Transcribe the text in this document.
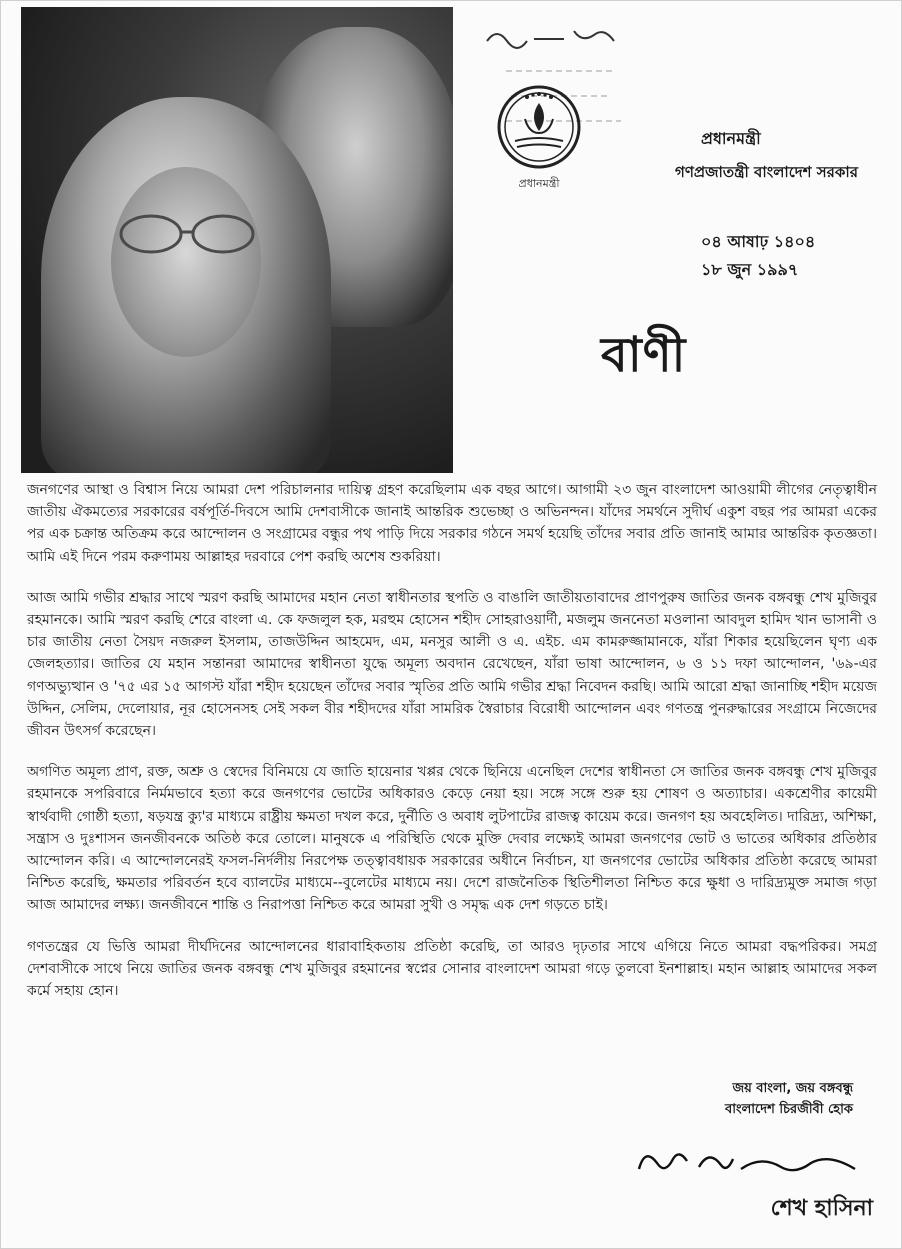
প্রধানমন্ত্রী
প্রধানমন্ত্রী
গণপ্রজাতন্ত্রী বাংলাদেশ সরকার
০৪ আষাঢ় ১৪০৪
১৮ জুন ১৯৯৭
বাণী

জনগণের আস্থা ও বিশ্বাস নিয়ে আমরা দেশ পরিচালনার দায়িত্ব গ্রহণ করেছিলাম এক বছর আগে। আগামী ২৩ জুন বাংলাদেশ আওয়ামী লীগের নেতৃত্বাধীন জাতীয় ঐকমত্যের সরকারের বর্ষপূর্তি-দিবসে আমি দেশবাসীকে জানাই আন্তরিক শুভেচ্ছা ও অভিনন্দন। যাঁদের সমর্থনে সুদীর্ঘ একুশ বছর পর আমরা একের পর এক চক্রান্ত অতিক্রম করে আন্দোলন ও সংগ্রামের বন্ধুর পথ পাড়ি দিয়ে সরকার গঠনে সমর্থ হয়েছি তাঁদের সবার প্রতি জানাই আমার আন্তরিক কৃতজ্ঞতা। আমি এই দিনে পরম করুণাময় আল্লাহর দরবারে পেশ করছি অশেষ শুকরিয়া।

আজ আমি গভীর শ্রদ্ধার সাথে স্মরণ করছি আমাদের মহান নেতা স্বাধীনতার স্থপতি ও বাঙালি জাতীয়তাবাদের প্রাণপুরুষ জাতির জনক বঙ্গবন্ধু শেখ মুজিবুর রহমানকে। আমি স্মরণ করছি শেরে বাংলা এ. কে ফজলুল হক, মরহুম হোসেন শহীদ সোহরাওয়ার্দী, মজলুম জননেতা মওলানা আবদুল হামিদ খান ভাসানী ও চার জাতীয় নেতা সৈয়দ নজরুল ইসলাম, তাজউদ্দিন আহমেদ, এম, মনসুর আলী ও এ. এইচ. এম কামরুজ্জামানকে, যাঁরা শিকার হয়েছিলেন ঘৃণ্য এক জেলহত্যার। জাতির যে মহান সন্তানরা আমাদের স্বাধীনতা যুদ্ধে অমূল্য অবদান রেখেছেন, যাঁরা ভাষা আন্দোলন, ৬ ও ১১ দফা আন্দোলন, '৬৯-এর গণঅভ্যুত্থান ও '৭৫ এর ১৫ আগস্ট যাঁরা শহীদ হয়েছেন তাঁদের সবার স্মৃতির প্রতি আমি গভীর শ্রদ্ধা নিবেদন করছি। আমি আরো শ্রদ্ধা জানাচ্ছি শহীদ ময়েজ উদ্দিন, সেলিম, দেলোয়ার, নূর হোসেনসহ সেই সকল বীর শহীদদের যাঁরা সামরিক স্বৈরাচার বিরোধী আন্দোলন এবং গণতন্ত্র পুনরুদ্ধারের সংগ্রামে নিজেদের জীবন উৎসর্গ করেছেন।

অগণিত অমূল্য প্রাণ, রক্ত, অশ্রু ও স্বেদের বিনিময়ে যে জাতি হায়েনার খপ্পর থেকে ছিনিয়ে এনেছিল দেশের স্বাধীনতা সে জাতির জনক বঙ্গবন্ধু শেখ মুজিবুর রহমানকে সপরিবারে নির্মমভাবে হত্যা করে জনগণের ভোটের অধিকারও কেড়ে নেয়া হয়। সঙ্গে সঙ্গে শুরু হয় শোষণ ও অত্যাচার। একশ্রেণীর কায়েমী স্বার্থবাদী গোষ্ঠী হত্যা, ষড়যন্ত্র ক্যু'র মাধ্যমে রাষ্ট্রীয় ক্ষমতা দখল করে, দুর্নীতি ও অবাধ লুটপাটের রাজত্ব কায়েম করে। জনগণ হয় অবহেলিত। দারিদ্র্য, অশিক্ষা, সন্ত্রাস ও দুঃশাসন জনজীবনকে অতিষ্ঠ করে তোলে। মানুষকে এ পরিস্থিতি থেকে মুক্তি দেবার লক্ষ্যেই আমরা জনগণের ভোট ও ভাতের অধিকার প্রতিষ্ঠার আন্দোলন করি। এ আন্দোলনেরই ফসল-নির্দলীয় নিরপেক্ষ তত্ত্বাবধায়ক সরকারের অধীনে নির্বাচন, যা জনগণের ভোটের অধিকার প্রতিষ্ঠা করেছে আমরা নিশ্চিত করেছি, ক্ষমতার পরিবর্তন হবে ব্যালটের মাধ্যমে--বুলেটের মাধ্যমে নয়। দেশে রাজনৈতিক স্থিতিশীলতা নিশ্চিত করে ক্ষুধা ও দারিদ্র্যমুক্ত সমাজ গড়া আজ আমাদের লক্ষ্য। জনজীবনে শান্তি ও নিরাপত্তা নিশ্চিত করে আমরা সুখী ও সমৃদ্ধ এক দেশ গড়তে চাই।

গণতন্ত্রের যে ভিত্তি আমরা দীর্ঘদিনের আন্দোলনের ধারাবাহিকতায় প্রতিষ্ঠা করেছি, তা আরও দৃঢ়তার সাথে এগিয়ে নিতে আমরা বদ্ধপরিকর। সমগ্র দেশবাসীকে সাথে নিয়ে জাতির জনক বঙ্গবন্ধু শেখ মুজিবুর রহমানের স্বপ্নের সোনার বাংলাদেশ আমরা গড়ে তুলবো ইনশাল্লাহ। মহান আল্লাহ আমাদের সকল কর্মে সহায় হোন।

জয় বাংলা, জয় বঙ্গবন্ধু
বাংলাদেশ চিরজীবী হোক
শেখ হাসিনা
